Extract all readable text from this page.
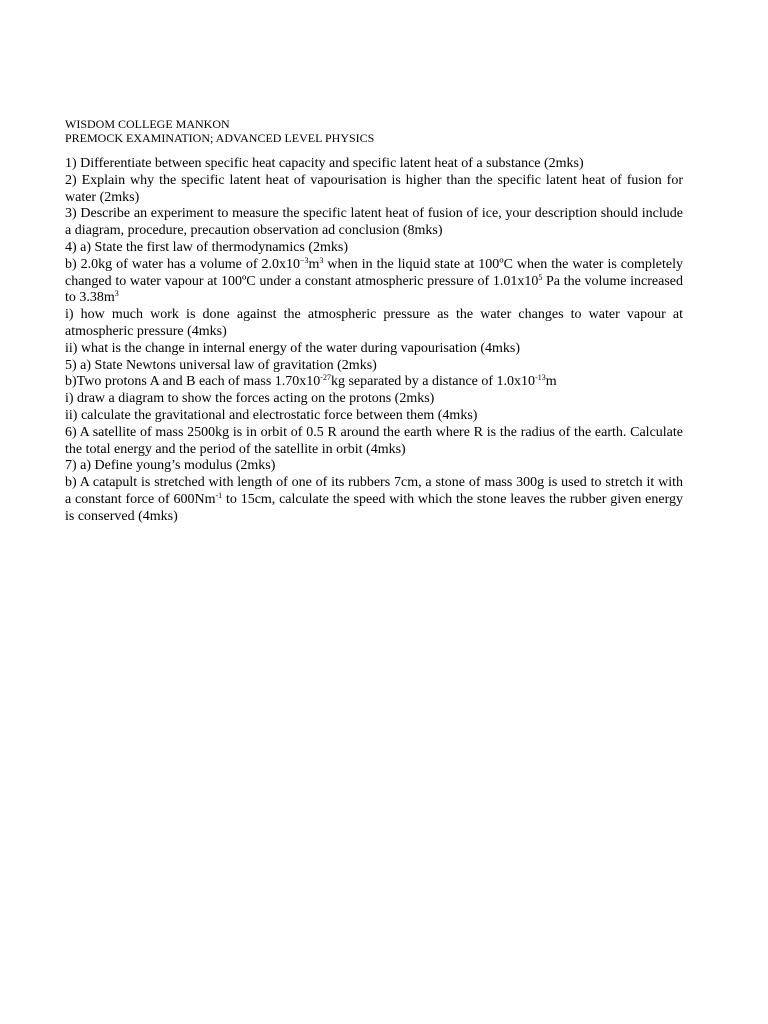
WISDOM COLLEGE MANKON
PREMOCK EXAMINATION; ADVANCED LEVEL PHYSICS

1) Differentiate between specific heat capacity and specific latent heat of a substance (2mks)

2) Explain why the specific latent heat of vapourisation is higher than the specific latent heat of fusion for water (2mks)

3) Describe an experiment to measure the specific latent heat of fusion of ice, your description should include a diagram, procedure, precaution observation ad conclusion (8mks)

4) a) State the first law of thermodynamics (2mks)

b) 2.0kg of water has a volume of $2.0x10^{-3}m^3$ when in the liquid state at 100ºC when the water is completely changed to water vapour at 100ºC under a constant atmospheric pressure of $1.01x10^5$ Pa the volume increased to $3.38m^3$

i) how much work is done against the atmospheric pressure as the water changes to water vapour at atmospheric pressure (4mks)

ii) what is the change in internal energy of the water during vapourisation (4mks)

5) a) State Newtons universal law of gravitation (2mks)

b)Two protons A and B each of mass $1.70x10^{-27}kg$ separated by a distance of $1.0x10^{-13}m$

i) draw a diagram to show the forces acting on the protons (2mks)

ii) calculate the gravitational and electrostatic force between them (4mks)

6) A satellite of mass 2500kg is in orbit of 0.5 R around the earth where R is the radius of the earth. Calculate the total energy and the period of the satellite in orbit (4mks)

7) a) Define young’s modulus (2mks)

b) A catapult is stretched with length of one of its rubbers 7cm, a stone of mass 300g is used to stretch it with a constant force of $600Nm^{-1}$ to 15cm, calculate the speed with which the stone leaves the rubber given energy is conserved (4mks)
